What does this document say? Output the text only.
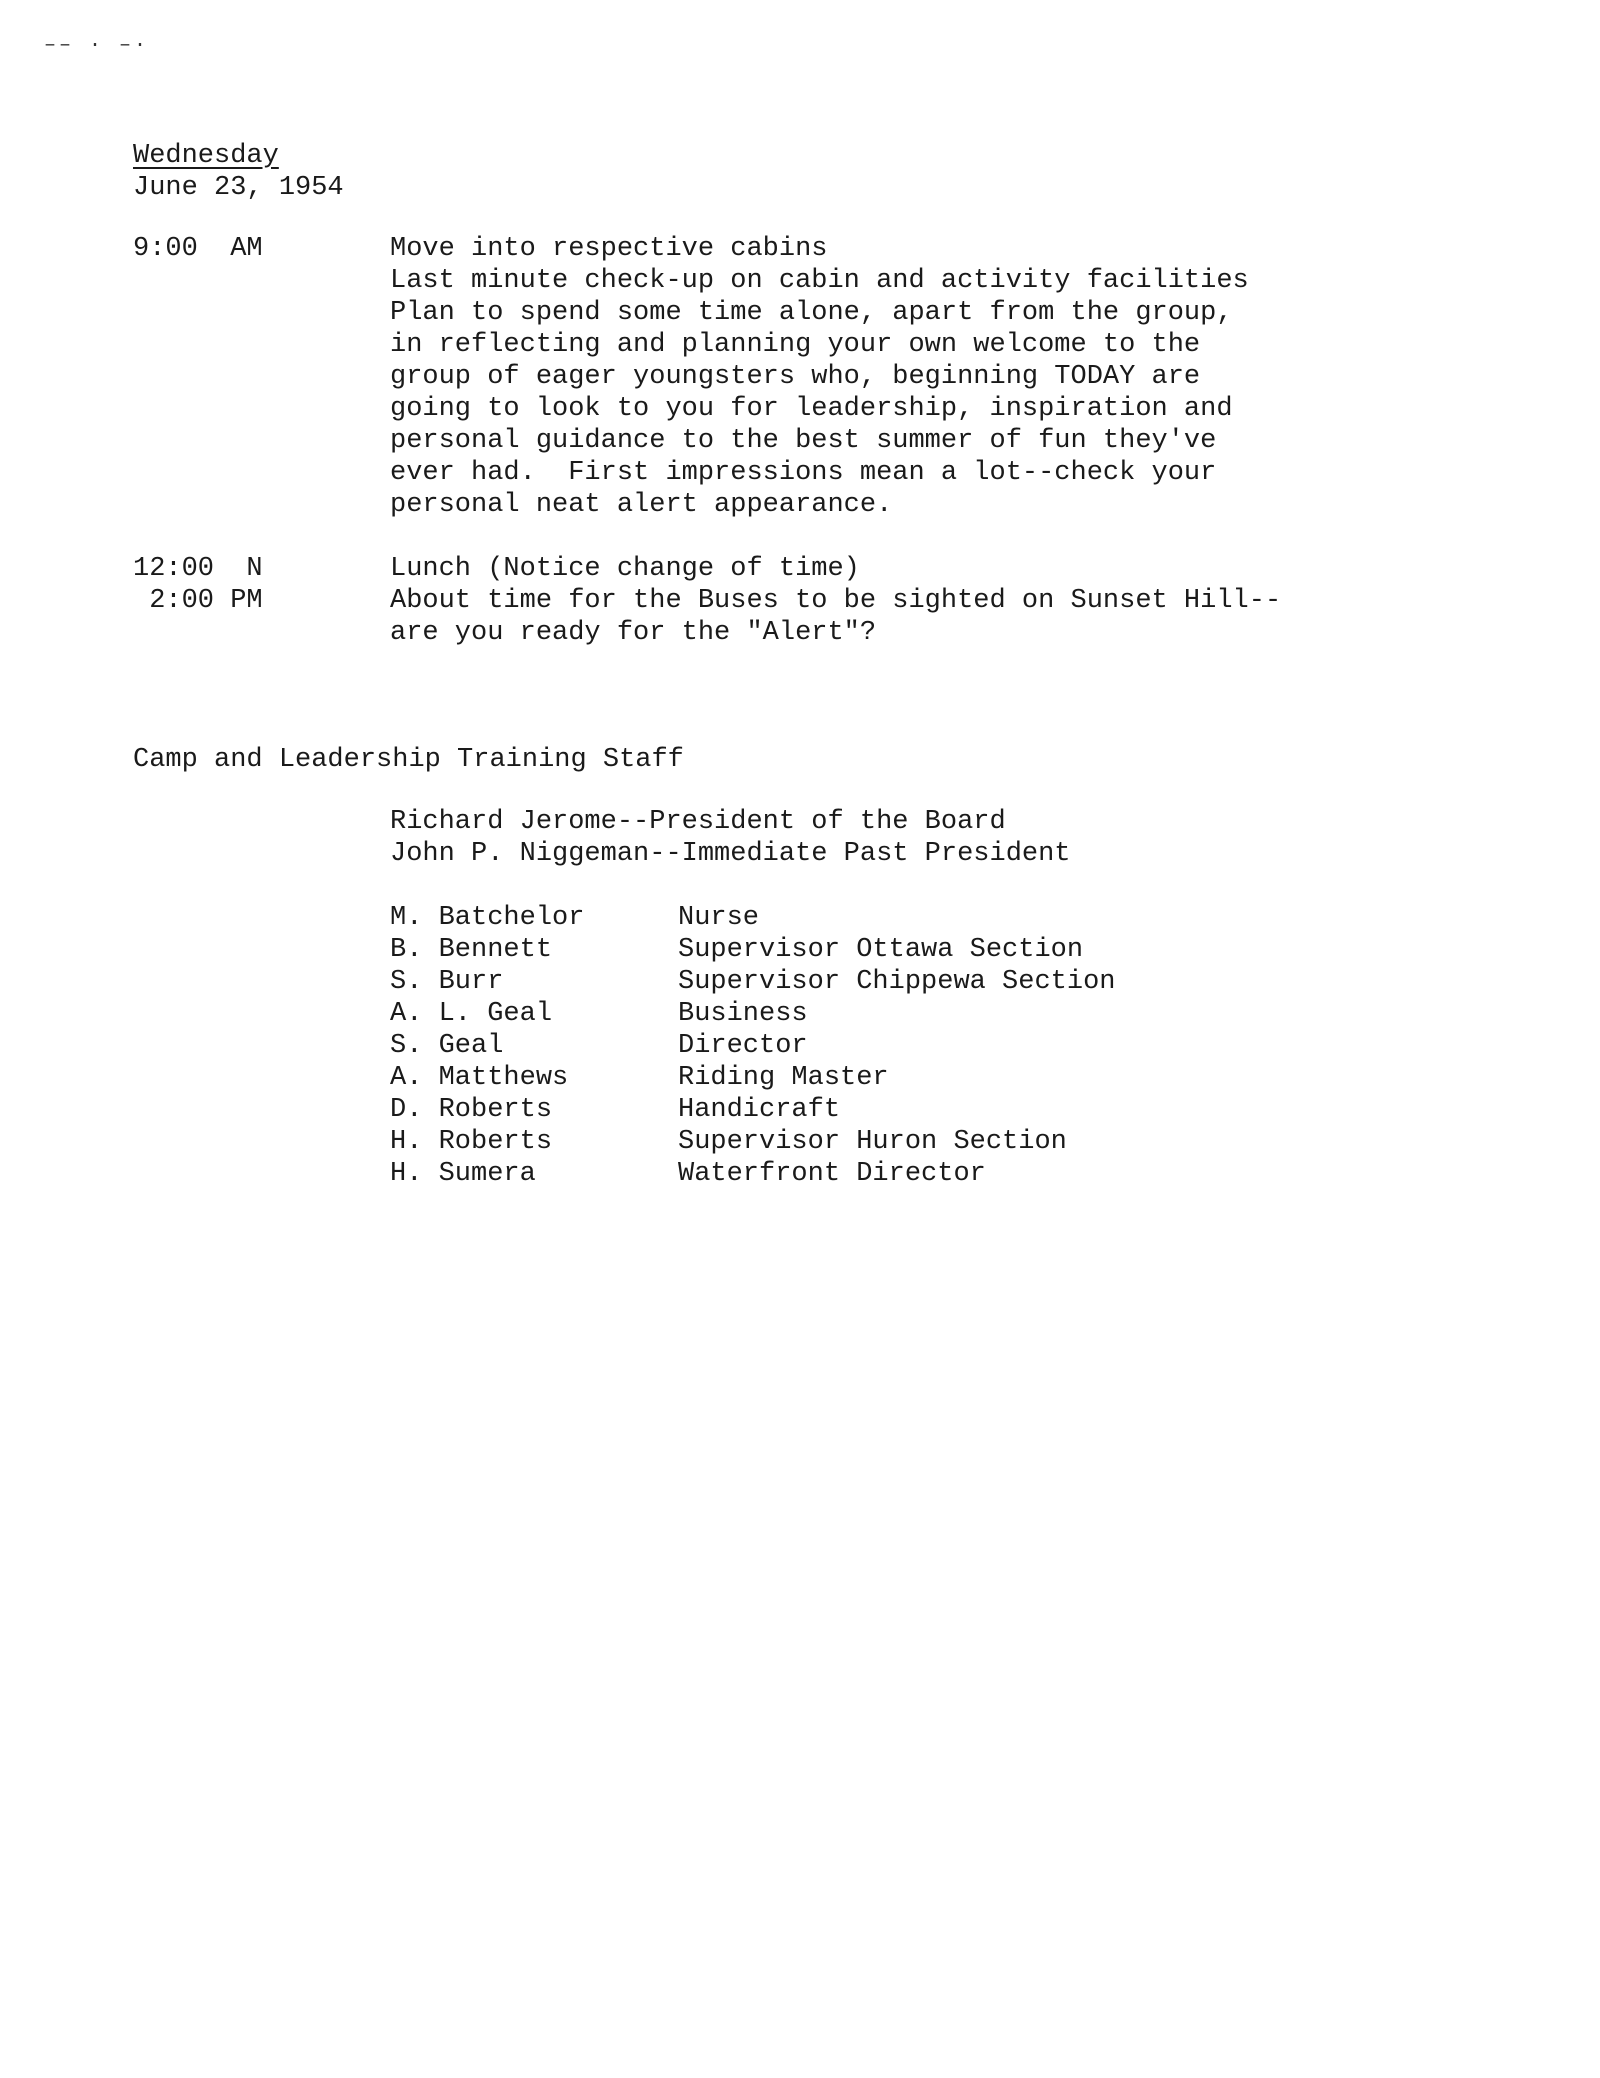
–– · –·
Wednesday
June 23, 1954
9:00  AM	Move into respective cabins
Last minute check-up on cabin and activity facilities
Plan to spend some time alone, apart from the group,
in reflecting and planning your own welcome to the
group of eager youngsters who, beginning TODAY are
going to look to you for leadership, inspiration and
personal guidance to the best summer of fun they've
ever had.  First impressions mean a lot--check your
personal neat alert appearance.
12:00  N	Lunch (Notice change of time)
2:00 PM	About time for the Buses to be sighted on Sunset Hill--
are you ready for the "Alert"?
Camp and Leadership Training Staff
Richard Jerome--President of the Board
John P. Niggeman--Immediate Past President
M. Batchelor	Nurse
B. Bennett	Supervisor Ottawa Section
S. Burr	Supervisor Chippewa Section
A. L. Geal	Business
S. Geal	Director
A. Matthews	Riding Master
D. Roberts	Handicraft
H. Roberts	Supervisor Huron Section
H. Sumera	Waterfront Director
